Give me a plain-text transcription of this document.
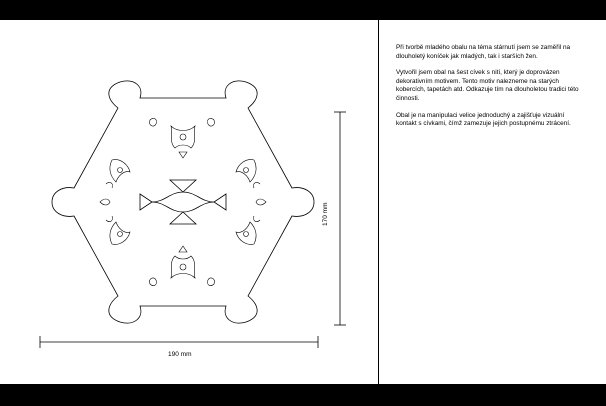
190 mm
170 mm

Při tvorbě mladého obalu na téma stárnutí jsem se zaměřil na dlouholetý koníček jak mladých, tak i starších žen.

Vytvořil jsem obal na šest cívek s nití, který je doprovázen dekorativním motivem. Tento motiv nalezneme na starých kobercích, tapetách atd. Odkazuje tím na dlouholetou tradici této činnosti.

Obal je na manipulaci velice jednoduchý a zajišťuje vizuální kontakt s cívkami, čímž zamezuje jejich postupnému ztrácení.
